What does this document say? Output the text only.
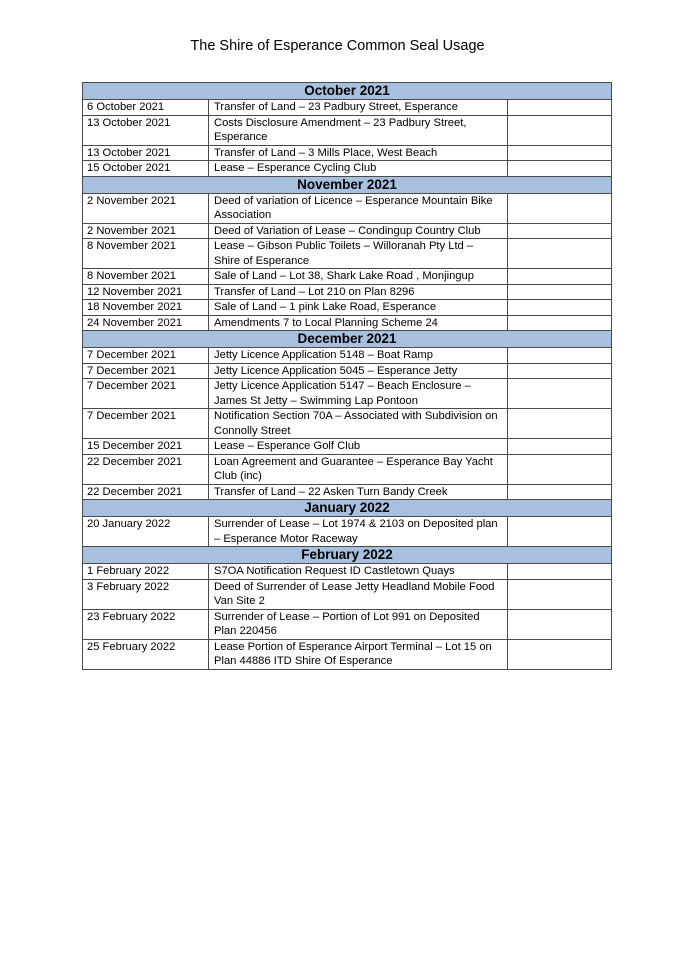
The Shire of Esperance Common Seal Usage
October 2021		
6 October 2021	Transfer of Land – 23 Padbury Street, Esperance	
13 October 2021	Costs Disclosure Amendment – 23 Padbury Street, Esperance	
13 October 2021	Transfer of Land – 3 Mills Place, West Beach	
15 October 2021	Lease – Esperance Cycling Club	
November 2021		
2 November 2021	Deed of variation of Licence – Esperance Mountain Bike Association	
2 November 2021	Deed of Variation of Lease – Condingup Country Club	
8 November 2021	Lease – Gibson Public Toilets – Willoranah Pty Ltd – Shire of Esperance	
8 November 2021	Sale of Land – Lot 38, Shark Lake Road , Monjingup	
12 November 2021	Transfer of Land – Lot 210 on Plan 8296	
18 November 2021	Sale of Land – 1 pink Lake Road, Esperance	
24 November 2021	Amendments 7 to Local Planning Scheme 24	
December 2021		
7 December 2021	Jetty Licence Application 5148 – Boat Ramp	
7 December 2021	Jetty Licence Application 5045 – Esperance Jetty	
7 December 2021	Jetty Licence Application 5147 – Beach Enclosure – James St Jetty – Swimming Lap Pontoon	
7 December 2021	Notification Section 70A – Associated with Subdivision on Connolly Street	
15 December 2021	Lease – Esperance Golf Club	
22 December 2021	Loan Agreement and Guarantee – Esperance Bay Yacht Club (inc)	
22 December 2021	Transfer of Land – 22 Asken Turn Bandy Creek	
January 2022		
20 January 2022	Surrender of Lease – Lot 1974 & 2103 on Deposited plan – Esperance Motor Raceway	
February 2022		
1 February 2022	S7OA Notification Request ID Castletown Quays	
3 February 2022	Deed of Surrender of Lease Jetty Headland Mobile Food Van Site 2	
23 February 2022	Surrender of Lease – Portion of Lot 991 on Deposited Plan 220456	
25 February 2022	Lease Portion of Esperance Airport Terminal – Lot 15 on Plan 44886 ITD Shire Of Esperance	
